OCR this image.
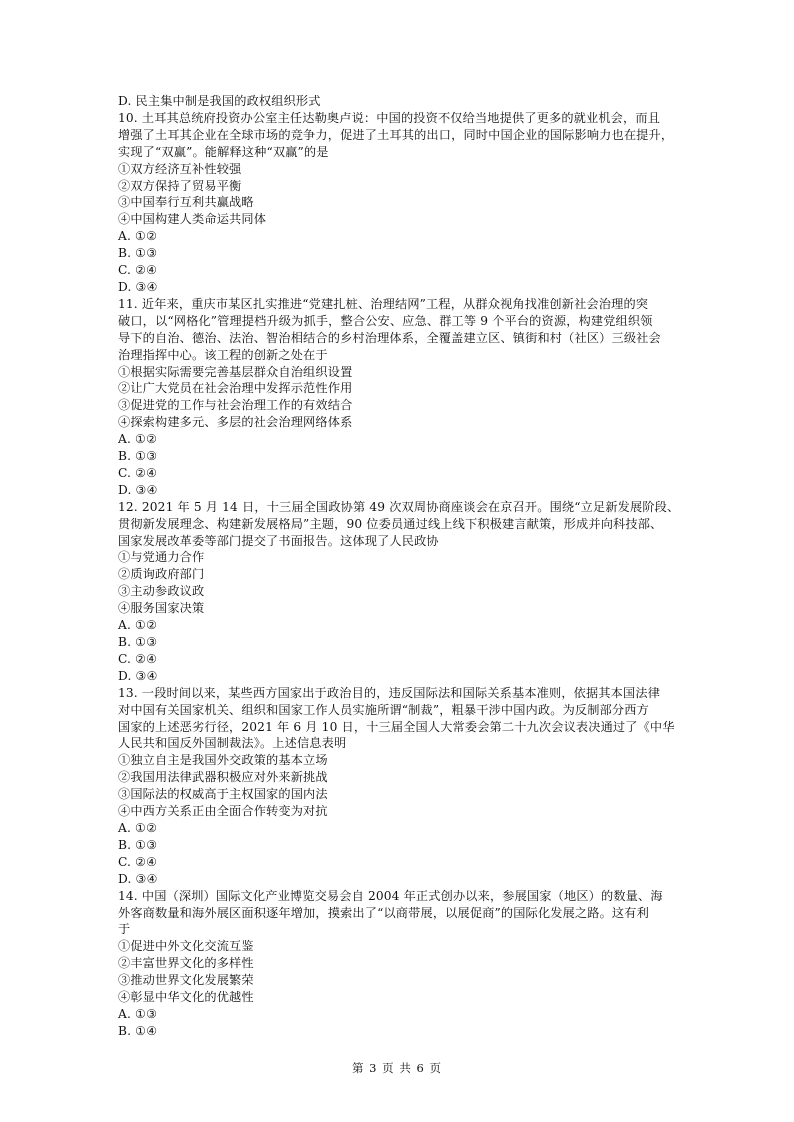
D. 民主集中制是我国的政权组织形式
10. 土耳其总统府投资办公室主任达勒奥卢说：中国的投资不仅给当地提供了更多的就业机会，而且
增强了土耳其企业在全球市场的竞争力，促进了土耳其的出口，同时中国企业的国际影响力也在提升，
实现了“双赢”。能解释这种“双赢”的是
①双方经济互补性较强
②双方保持了贸易平衡
③中国奉行互利共赢战略
④中国构建人类命运共同体
A. ①②
B. ①③
C. ②④
D. ③④
11. 近年来，重庆市某区扎实推进“党建扎桩、治理结网”工程，从群众视角找准创新社会治理的突
破口，以“网格化”管理提档升级为抓手，整合公安、应急、群工等 9 个平台的资源，构建党组织领
导下的自治、德治、法治、智治相结合的乡村治理体系，全覆盖建立区、镇街和村（社区）三级社会
治理指挥中心。该工程的创新之处在于
①根据实际需要完善基层群众自治组织设置
②让广大党员在社会治理中发挥示范性作用
③促进党的工作与社会治理工作的有效结合
④探索构建多元、多层的社会治理网络体系
A. ①②
B. ①③
C. ②④
D. ③④
12. 2021 年 5 月 14 日，十三届全国政协第 49 次双周协商座谈会在京召开。围绕“立足新发展阶段、
贯彻新发展理念、构建新发展格局”主题，90 位委员通过线上线下积极建言献策，形成并向科技部、
国家发展改革委等部门提交了书面报告。这体现了人民政协
①与党通力合作
②质询政府部门
③主动参政议政
④服务国家决策
A. ①②
B. ①③
C. ②④
D. ③④
13. 一段时间以来，某些西方国家出于政治目的，违反国际法和国际关系基本准则，依据其本国法律
对中国有关国家机关、组织和国家工作人员实施所谓“制裁”，粗暴干涉中国内政。为反制部分西方
国家的上述恶劣行径，2021 年 6 月 10 日，十三届全国人大常委会第二十九次会议表决通过了《中华
人民共和国反外国制裁法》。上述信息表明
①独立自主是我国外交政策的基本立场
②我国用法律武器积极应对外来新挑战
③国际法的权威高于主权国家的国内法
④中西方关系正由全面合作转变为对抗
A. ①②
B. ①③
C. ②④
D. ③④
14. 中国（深圳）国际文化产业博览交易会自 2004 年正式创办以来，参展国家（地区）的数量、海
外客商数量和海外展区面积逐年增加，摸索出了“以商带展，以展促商”的国际化发展之路。这有利
于
①促进中外文化交流互鉴
②丰富世界文化的多样性
③推动世界文化发展繁荣
④彰显中华文化的优越性
A. ①③
B. ①④
第 3 页 共 6 页
